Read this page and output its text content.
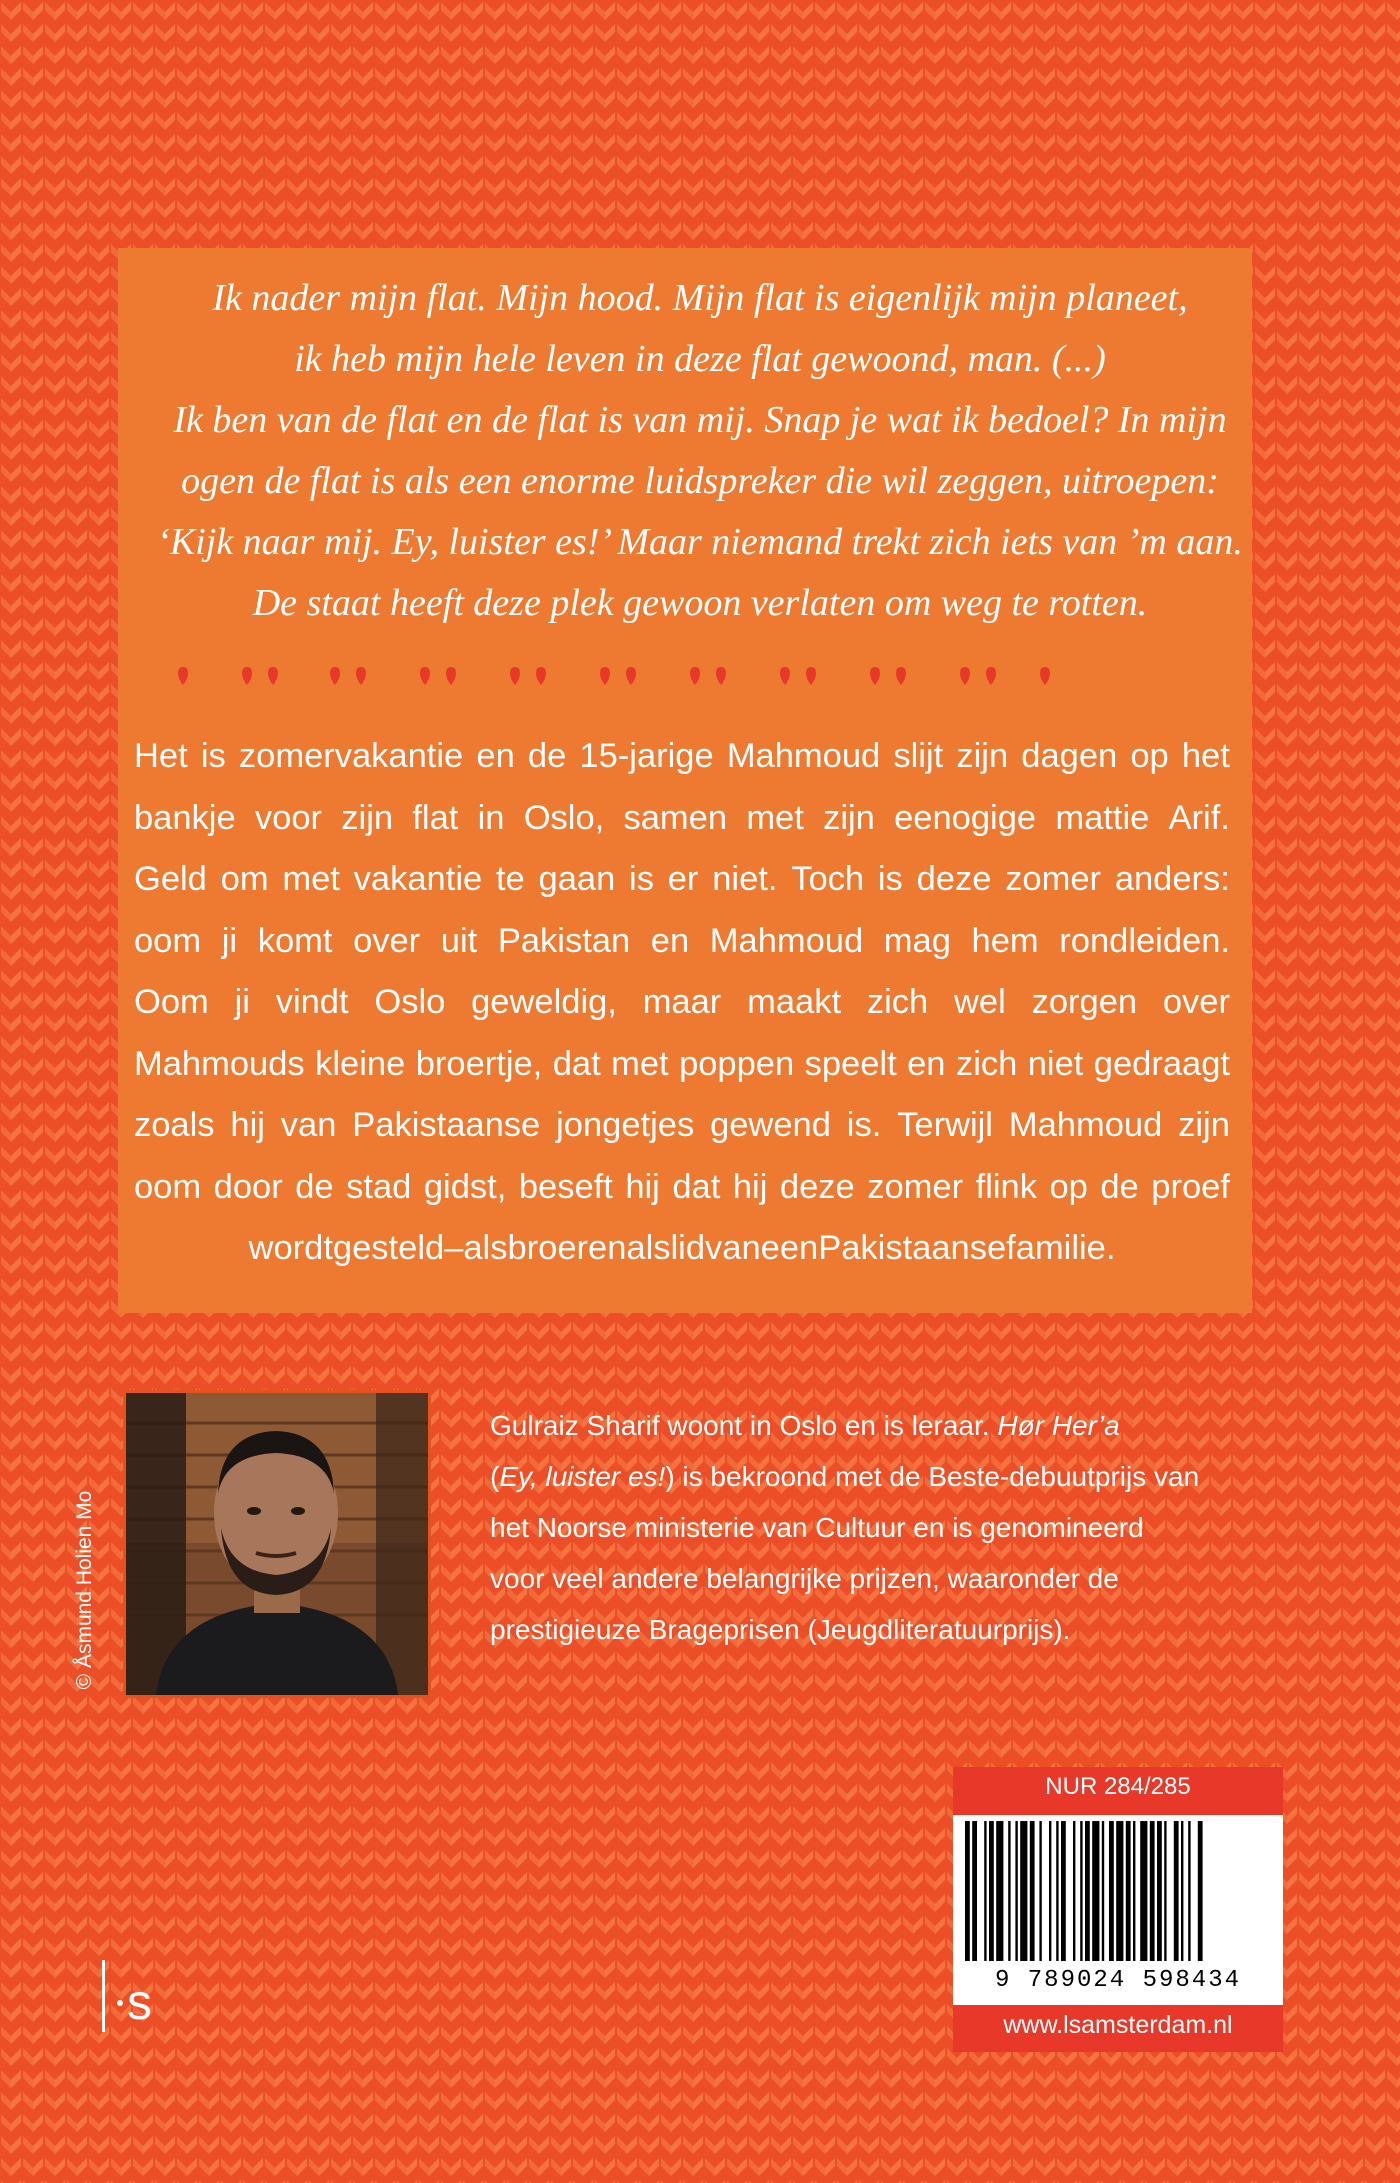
Ik nader mijn flat. Mijn hood. Mijn flat is eigenlijk mijn planeet,
ik heb mijn hele leven in deze flat gewoond, man. (...)
Ik ben van de flat en de flat is van mij. Snap je wat ik bedoel? In mijn
ogen de flat is als een enorme luidspreker die wil zeggen, uitroepen:
‘Kijk naar mij. Ey, luister es!’ Maar niemand trekt zich iets van ’m aan.
De staat heeft deze plek gewoon verlaten om weg te rotten.
Het is zomervakantie en de 15-jarige Mahmoud slijt zijn dagen op het
bankje voor zijn flat in Oslo, samen met zijn eenogige mattie Arif.
Geld om met vakantie te gaan is er niet. Toch is deze zomer anders:
oom ji komt over uit Pakistan en Mahmoud mag hem rondleiden.
Oom ji vindt Oslo geweldig, maar maakt zich wel zorgen over
Mahmouds kleine broertje, dat met poppen speelt en zich niet gedraagt
zoals hij van Pakistaanse jongetjes gewend is. Terwijl Mahmoud zijn
oom door de stad gidst, beseft hij dat hij deze zomer flink op de proef
wordt gesteld – als broer en als lid van een Pakistaanse familie.
© Åsmund Holien Mo
Gulraiz Sharif woont in Oslo en is leraar. Hør Her’a
(Ey, luister es!) is bekroond met de Beste-debuutprijs van
het Noorse ministerie van Cultuur en is genomineerd
voor veel andere belangrijke prijzen, waaronder de
prestigieuze Brageprisen (Jeugdliteratuurprijs).
NUR 284/285
9 789024 598434
www.lsamsterdam.nl
s
